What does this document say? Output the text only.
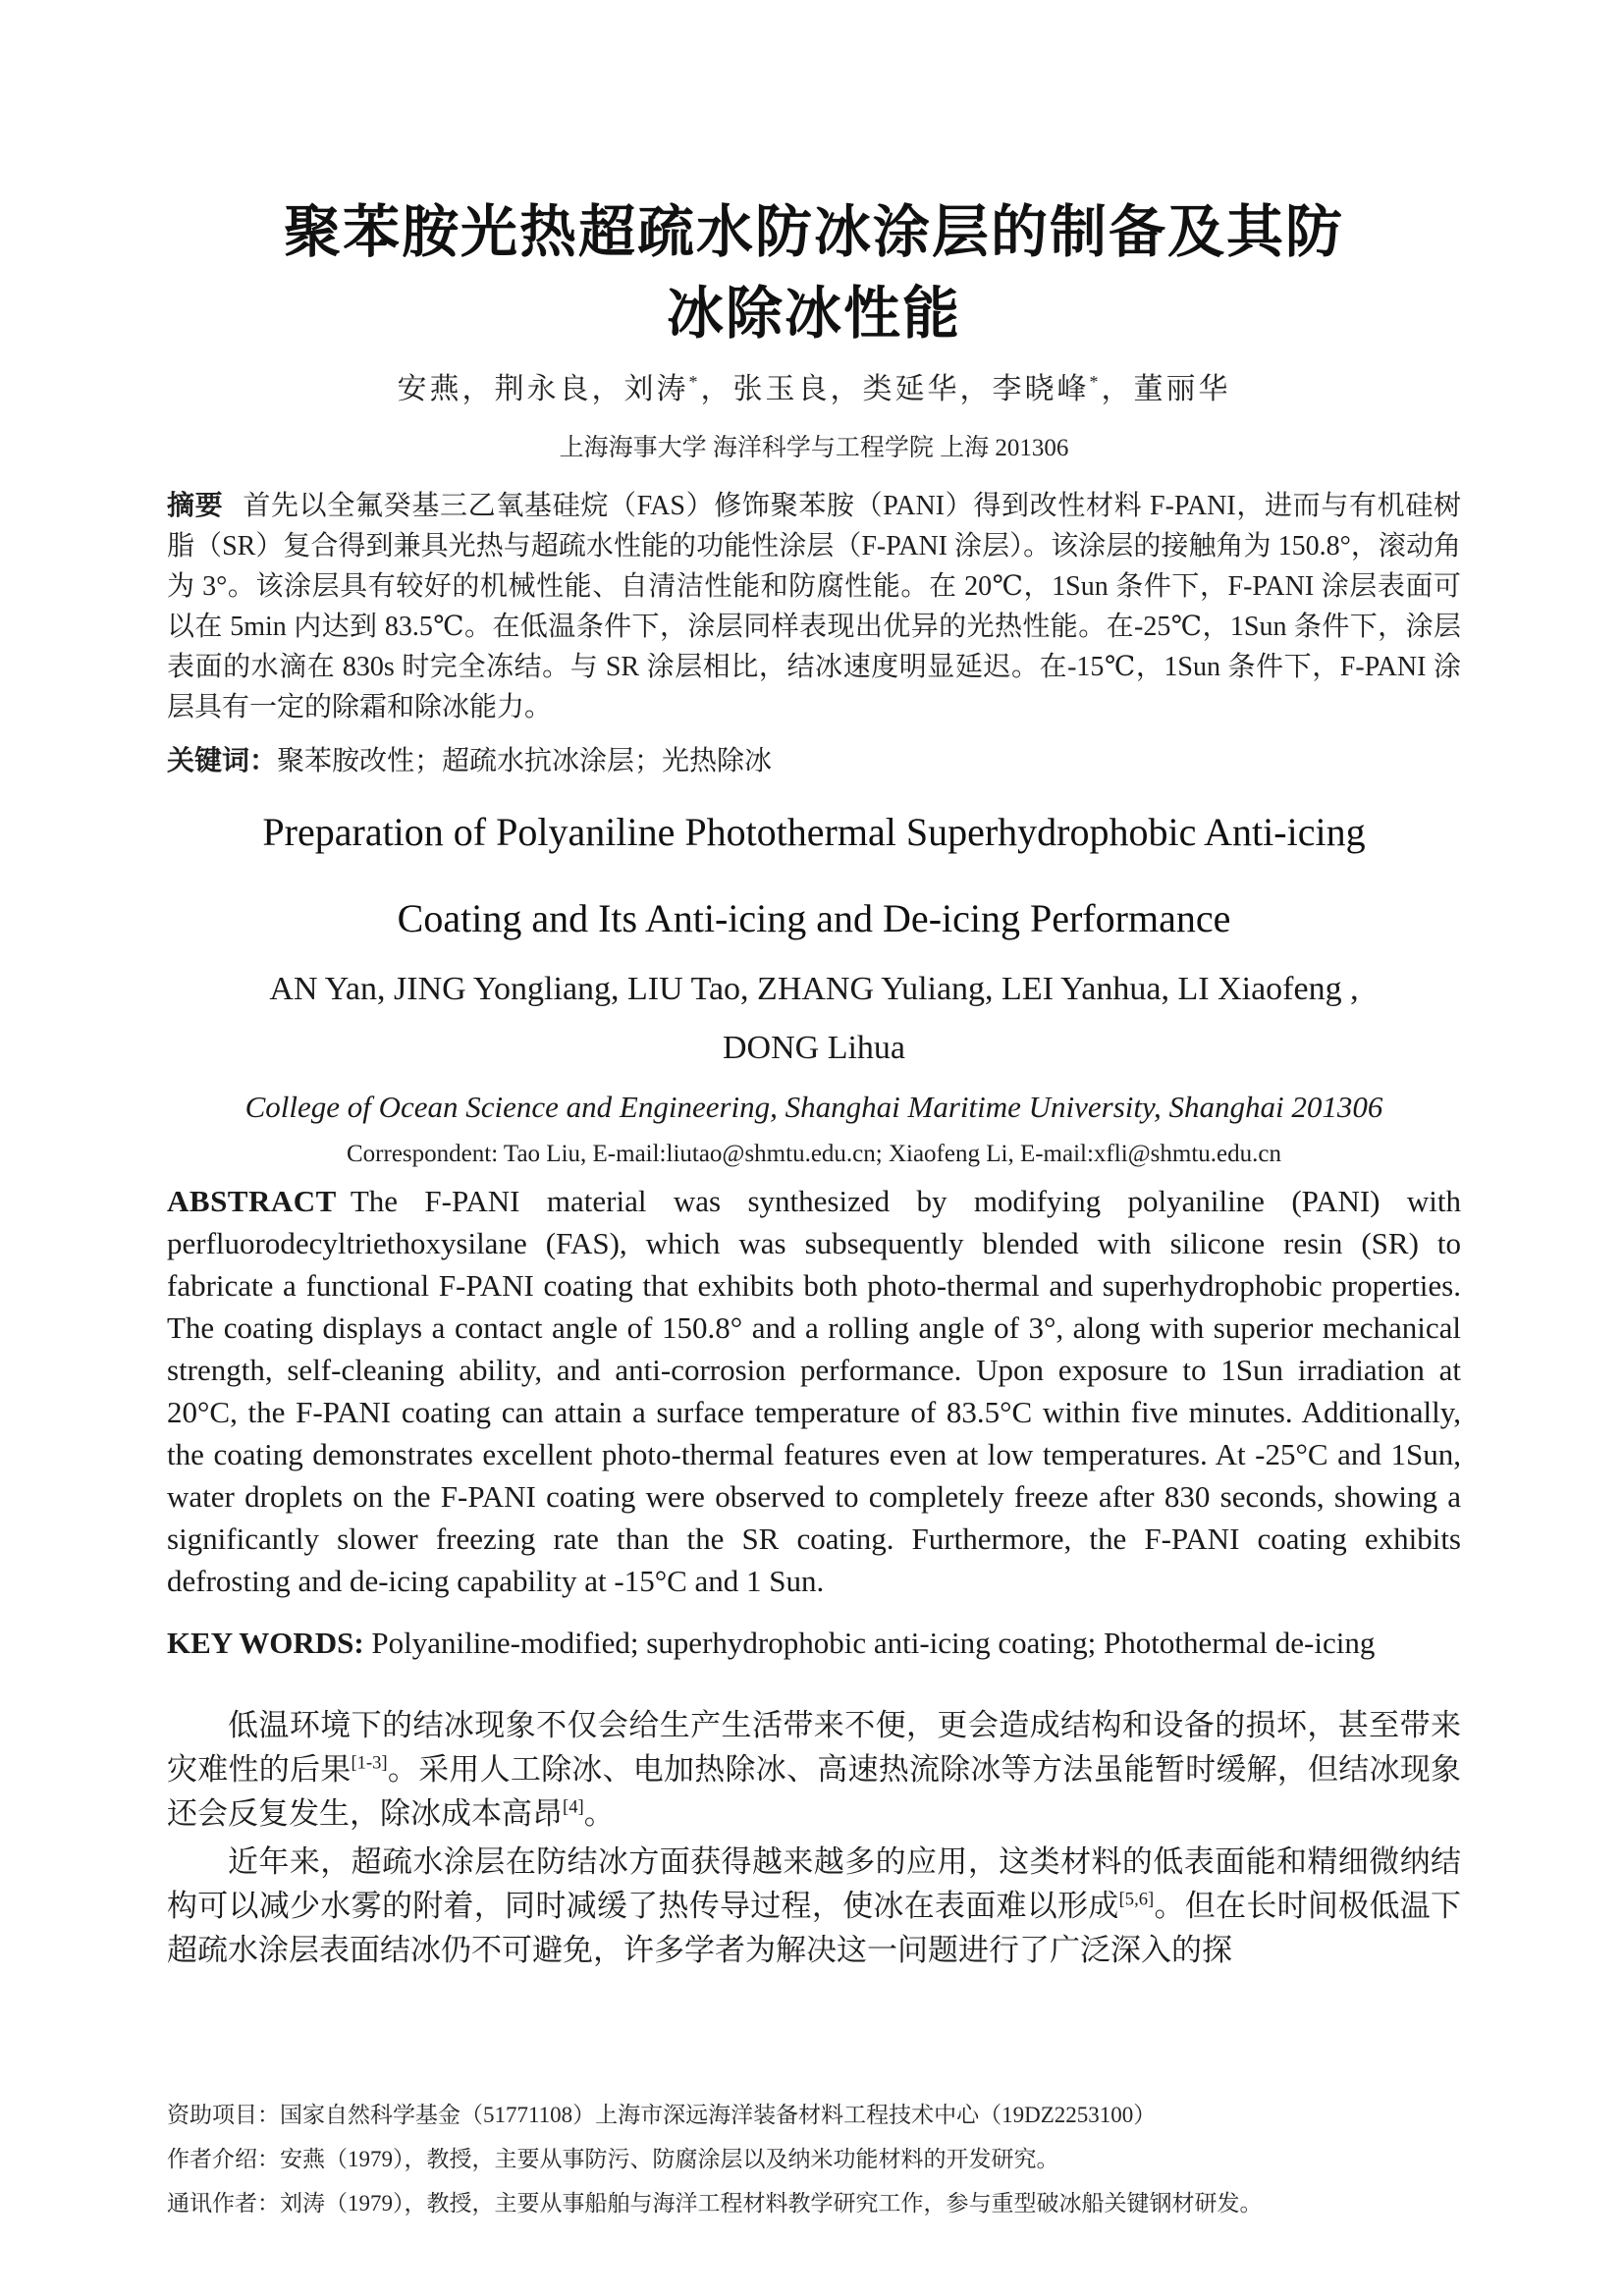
聚苯胺光热超疏水防冰涂层的制备及其防
冰除冰性能
安燕，荆永良，刘涛*，张玉良，类延华，李晓峰*，董丽华
上海海事大学 海洋科学与工程学院 上海 201306

摘要 首先以全氟癸基三乙氧基硅烷（FAS）修饰聚苯胺（PANI）得到改性材料 F-PANI，进而与有机硅树脂（SR）复合得到兼具光热与超疏水性能的功能性涂层（F-PANI 涂层）。该涂层的接触角为 150.8°，滚动角为 3°。该涂层具有较好的机械性能、自清洁性能和防腐性能。在 20℃，1Sun 条件下，F-PANI 涂层表面可以在 5min 内达到 83.5℃。在低温条件下，涂层同样表现出优异的光热性能。在-25℃，1Sun 条件下，涂层表面的水滴在 830s 时完全冻结。与 SR 涂层相比，结冰速度明显延迟。在-15℃，1Sun 条件下，F-PANI 涂层具有一定的除霜和除冰能力。

关键词：聚苯胺改性；超疏水抗冰涂层；光热除冰

Preparation of Polyaniline Photothermal Superhydrophobic Anti-icing
Coating and Its Anti-icing and De-icing Performance
AN Yan, JING Yongliang, LIU Tao, ZHANG Yuliang, LEI Yanhua, LI Xiaofeng ,
DONG Lihua
College of Ocean Science and Engineering, Shanghai Maritime University, Shanghai 201306
Correspondent: Tao Liu, E-mail:liutao@shmtu.edu.cn; Xiaofeng Li, E-mail:xfli@shmtu.edu.cn

ABSTRACT The F-PANI material was synthesized by modifying polyaniline (PANI) with perfluorodecyltriethoxysilane (FAS), which was subsequently blended with silicone resin (SR) to fabricate a functional F-PANI coating that exhibits both photo-thermal and superhydrophobic properties. The coating displays a contact angle of 150.8° and a rolling angle of 3°, along with superior mechanical strength, self-cleaning ability, and anti-corrosion performance. Upon exposure to 1Sun irradiation at 20°C, the F-PANI coating can attain a surface temperature of 83.5°C within five minutes. Additionally, the coating demonstrates excellent photo-thermal features even at low temperatures. At -25°C and 1Sun, water droplets on the F-PANI coating were observed to completely freeze after 830 seconds, showing a significantly slower freezing rate than the SR coating. Furthermore, the F-PANI coating exhibits defrosting and de-icing capability at -15°C and 1 Sun.

KEY WORDS: Polyaniline-modified; superhydrophobic anti-icing coating; Photothermal de-icing

低温环境下的结冰现象不仅会给生产生活带来不便，更会造成结构和设备的损坏，甚至带来灾难性的后果[1-3]。采用人工除冰、电加热除冰、高速热流除冰等方法虽能暂时缓解，但结冰现象还会反复发生，除冰成本高昂[4]。

近年来，超疏水涂层在防结冰方面获得越来越多的应用，这类材料的低表面能和精细微纳结构可以减少水雾的附着，同时减缓了热传导过程，使冰在表面难以形成[5,6]。但在长时间极低温下超疏水涂层表面结冰仍不可避免，许多学者为解决这一问题进行了广泛深入的探

资助项目：国家自然科学基金（51771108）上海市深远海洋装备材料工程技术中心（19DZ2253100）
作者介绍：安燕（1979），教授，主要从事防污、防腐涂层以及纳米功能材料的开发研究。
通讯作者：刘涛（1979），教授，主要从事船舶与海洋工程材料教学研究工作，参与重型破冰船关键钢材研发。
